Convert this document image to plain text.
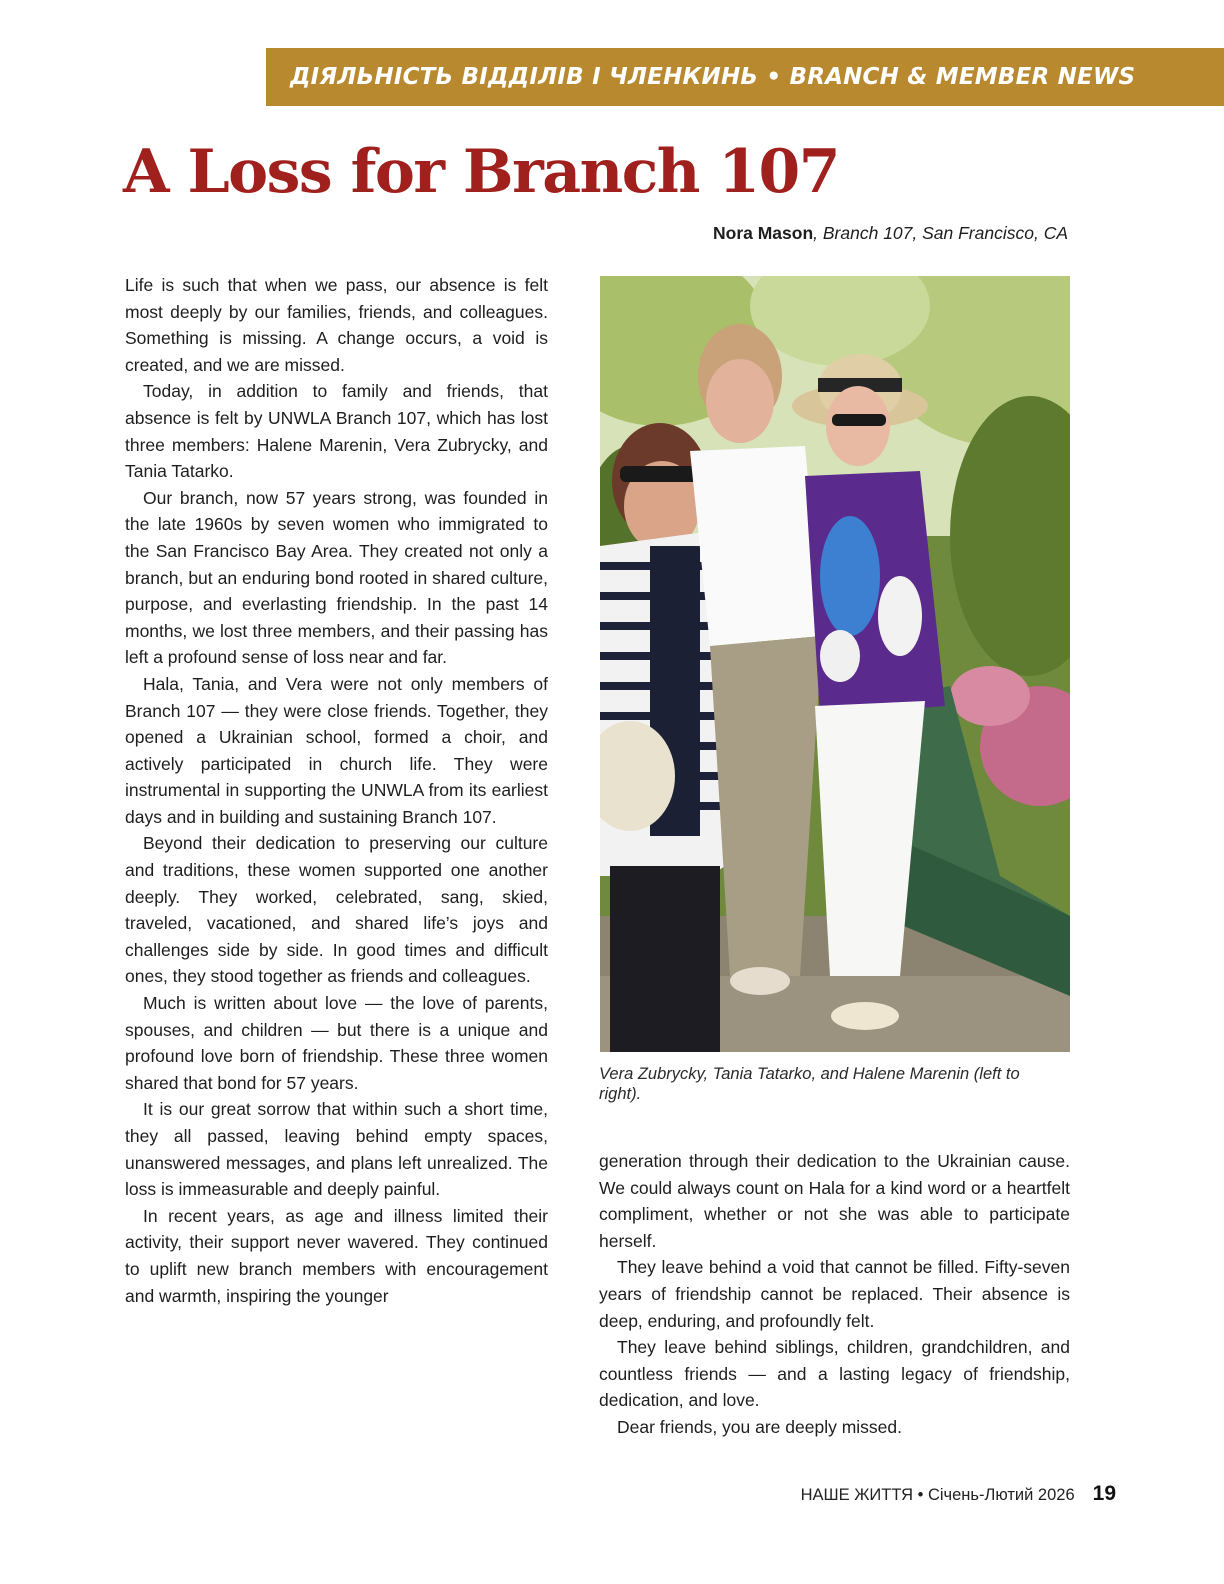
ДІЯЛЬНІСТЬ ВІДДІЛІВ І ЧЛЕНКИНЬ • BRANCH & MEMBER NEWS
A Loss for Branch 107
Nora Mason, Branch 107, San Francisco, CA

Life is such that when we pass, our absence is felt most deeply by our families, friends, and colleagues. Something is missing. A change occurs, a void is created, and we are missed.

Today, in addition to family and friends, that absence is felt by UNWLA Branch 107, which has lost three members: Halene Marenin, Vera Zubrycky, and Tania Tatarko.

Our branch, now 57 years strong, was founded in the late 1960s by seven women who immigrated to the San Francisco Bay Area. They created not only a branch, but an enduring bond rooted in shared culture, purpose, and everlasting friendship. In the past 14 months, we lost three members, and their passing has left a profound sense of loss near and far.

Hala, Tania, and Vera were not only members of Branch 107 — they were close friends. Together, they opened a Ukrainian school, formed a choir, and actively participated in church life. They were instrumental in supporting the UNWLA from its earliest days and in building and sustaining Branch 107.

Beyond their dedication to preserving our culture and traditions, these women supported one another deeply. They worked, celebrated, sang, skied, traveled, vacationed, and shared life’s joys and challenges side by side. In good times and difficult ones, they stood together as friends and colleagues.

Much is written about love — the love of parents, spouses, and children — but there is a unique and profound love born of friendship. These three women shared that bond for 57 years.

It is our great sorrow that within such a short time, they all passed, leaving behind empty spaces, unanswered messages, and plans left unrealized. The loss is immeasurable and deeply painful.

In recent years, as age and illness limited their activity, their support never wavered. They continued to uplift new branch members with encouragement and warmth, inspiring the younger

Vera Zubrycky, Tania Tatarko, and Halene Marenin (left to right).

generation through their dedication to the Ukrainian cause. We could always count on Hala for a kind word or a heartfelt compliment, whether or not she was able to participate herself.

They leave behind a void that cannot be filled. Fifty-seven years of friendship cannot be replaced. Their absence is deep, enduring, and profoundly felt.

They leave behind siblings, children, grandchildren, and countless friends — and a lasting legacy of friendship, dedication, and love.

Dear friends, you are deeply missed.

НАШЕ ЖИТТЯ • Січень-Лютий 2026 19
